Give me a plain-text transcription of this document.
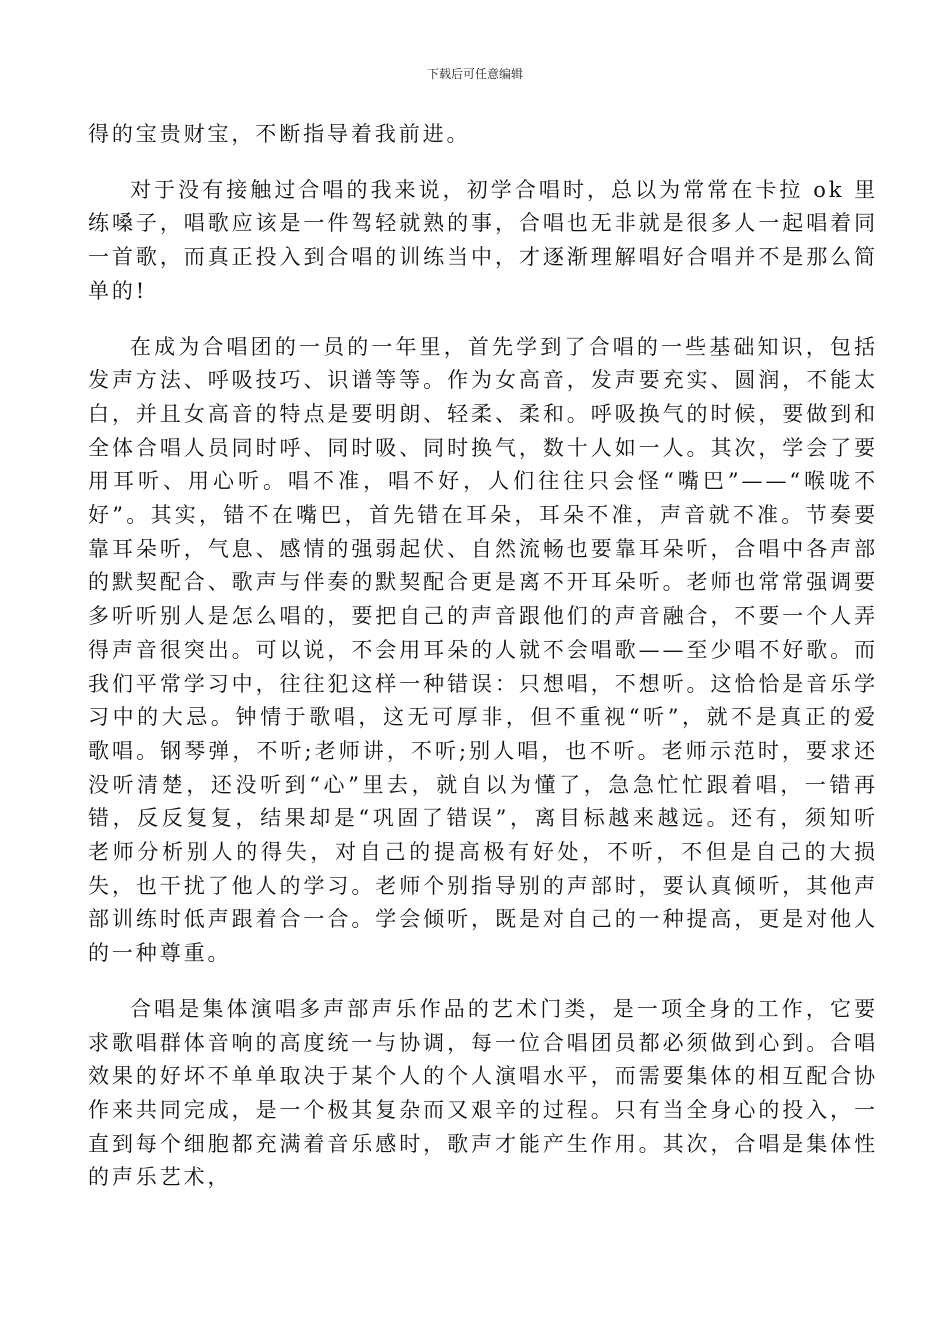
下载后可任意编辑

得的宝贵财宝，不断指导着我前进。

对于没有接触过合唱的我来说，初学合唱时，总以为常常在卡拉 ok 里练嗓子，唱歌应该是一件驾轻就熟的事，合唱也无非就是很多人一起唱着同一首歌，而真正投入到合唱的训练当中，才逐渐理解唱好合唱并不是那么简单的!

在成为合唱团的一员的一年里，首先学到了合唱的一些基础知识，包括发声方法、呼吸技巧、识谱等等。作为女高音，发声要充实、圆润，不能太白，并且女高音的特点是要明朗、轻柔、柔和。呼吸换气的时候，要做到和全体合唱人员同时呼、同时吸、同时换气，数十人如一人。其次，学会了要用耳听、用心听。唱不准，唱不好，人们往往只会怪“嘴巴”——“喉咙不好”。其实，错不在嘴巴，首先错在耳朵，耳朵不准，声音就不准。节奏要靠耳朵听，气息、感情的强弱起伏、自然流畅也要靠耳朵听，合唱中各声部的默契配合、歌声与伴奏的默契配合更是离不开耳朵听。老师也常常强调要多听听别人是怎么唱的，要把自己的声音跟他们的声音融合，不要一个人弄得声音很突出。可以说，不会用耳朵的人就不会唱歌——至少唱不好歌。而我们平常学习中，往往犯这样一种错误：只想唱，不想听。这恰恰是音乐学习中的大忌。钟情于歌唱，这无可厚非，但不重视“听”，就不是真正的爱歌唱。钢琴弹，不听;老师讲，不听;别人唱，也不听。老师示范时，要求还没听清楚，还没听到“心”里去，就自以为懂了，急急忙忙跟着唱，一错再错，反反复复，结果却是“巩固了错误”，离目标越来越远。还有，须知听老师分析别人的得失，对自己的提高极有好处，不听，不但是自己的大损失，也干扰了他人的学习。老师个别指导别的声部时，要认真倾听，其他声部训练时低声跟着合一合。学会倾听，既是对自己的一种提高，更是对他人的一种尊重。

合唱是集体演唱多声部声乐作品的艺术门类，是一项全身的工作，它要求歌唱群体音响的高度统一与协调，每一位合唱团员都必须做到心到。合唱效果的好坏不单单取决于某个人的个人演唱水平，而需要集体的相互配合协作来共同完成，是一个极其复杂而又艰辛的过程。只有当全身心的投入，一直到每个细胞都充满着音乐感时，歌声才能产生作用。其次，合唱是集体性的声乐艺术，
